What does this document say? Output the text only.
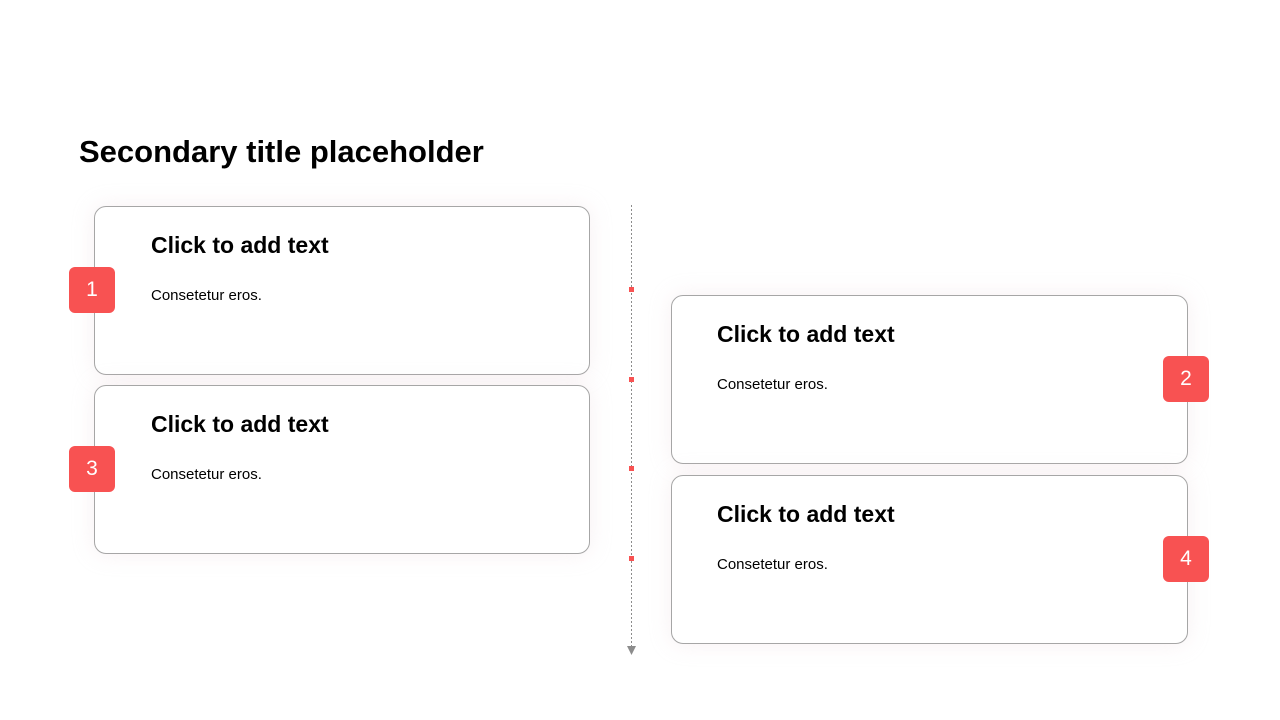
Secondary title placeholder
Click to add text
Consetetur eros.
1
Click to add text
Consetetur eros.
3
Click to add text
Consetetur eros.	2
Click to add text
Consetetur eros.	4
